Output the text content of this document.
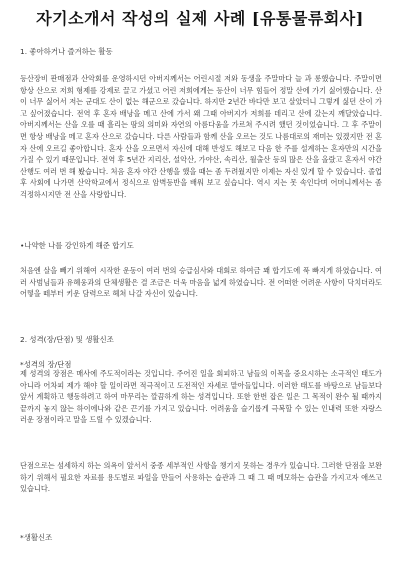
자기소개서 작성의 실제 사례 [유통물류회사]
1. 좋아하거나 즐겨하는 활동
등산장비 판매점과 산악회를 운영하시던 아버지께서는 어린시절 저와 동생을 주말마다 늘 과 롱했습니다. 주말이면 항상 산으로 저희 형제를 강제로 끌고 가셨고 어린 저희에게는 등산이 너무 힘들어 정말 산에 가기 싫어했습니다. 산이 너무 싫어서 저는 군대도 산이 없는 해군으로 갔습니다. 하지만 2년간 바다만 보고 살았더니 그렇게 싫던 산이 가고 싶어졌습니다. 전역 후 혼자 배낭을 메고 산에 가서 왜 그때 아버지가 저희를 데리고 산에 갔는지 깨달았습니다. 아버지께서는 산을 오를 때 흘리는 땀의 의미와 자연의 아름다움을 가르쳐 주시려 했던 것이었습니다. 그 후 주말이면 항상 배낭을 메고 혼자 산으로 갔습니다. 다른 사람들과 함께 산을 오르는 것도 나름대로의 재미는 있겠지만 전 혼자 산에 오르길 좋아합니다. 혼자 산을 오르면서 자신에 대해 반성도 해보고 다음 한 주를 설계하는 혼자만의 시간을 가질 수 있기 때문입니다. 전역 후 5년간 지리산, 설악산, 가야산, 속리산, 월출산 등의 많은 산을 올랐고 혼자서 야간 산행도 여러 번 해 봤습니다. 처음 혼자 야간 산행을 했을 때는 좀 두려웠지만 이제는 자신 있게 할 수 있습니다. 졸업 후 사회에 나가면 산악학교에서 정식으로 암벽등반을 배워 보고 싶습니다. 역시 지는 못 속인다며 어머니께서는 좀 걱정하시지만 전 산을 사랑합니다.
•나약한 나를 강인하게 해준 합기도
처음엔 살을 빼기 위해여 시작한 운동이 여러 번의 승급심사와 대회로 하여금 꽤 합기도에 푹 빠지게 하였습니다. 여러 사범님들과 유혜웅과의 단체생활은 결 조금은 더욱 마음을 넓게 하였습니다. 전 어떠한 어려운 사항이 닥치더라도 어떻을 떼부터 키운 담력으로 헤쳐 나갈 자신이 있습니다.
2. 성격(장/단점) 및 생활신조
*성격의 장/단점
제 성격의 장점은 매사에 주도적이라는 것입니다. 주어진 일을 회피하고 남들의 이목을 중요시하는 소극적인 태도가 아니라 어차피 제가 해야 할 일이라면 적극적이고 도전적인 자세로 맡아들입니다. 이러한 태도를 바탕으로 남들보다 앞서 계획하고 행동하려고 하여 마무리는 깔끔하게 하는 성격입니다. 또한 한번 잡은 일은 그 목적이 완수 될 때까지 끝까지 놓지 않는 하이에나와 같은 끈기를 가지고 있습니다. 어려움을 슬기롭게 극복할 수 있는 인내력 또한 자랑스러운 장점이라고 말을 드릴 수 있겠습니다.
단점으로는 섬세하지 하는 의욕이 앞서서 중종 세부적인 사항을 챙기지 못하는 경우가 있습니다. 그러한 단점을 보완하기 위해서 필요한 자료를 용도별로 파일을 만들어 사용하는 습관과 그 때 그 때 메모하는 습관을 가지고자 애쓰고 있습니다.
*생활신조
